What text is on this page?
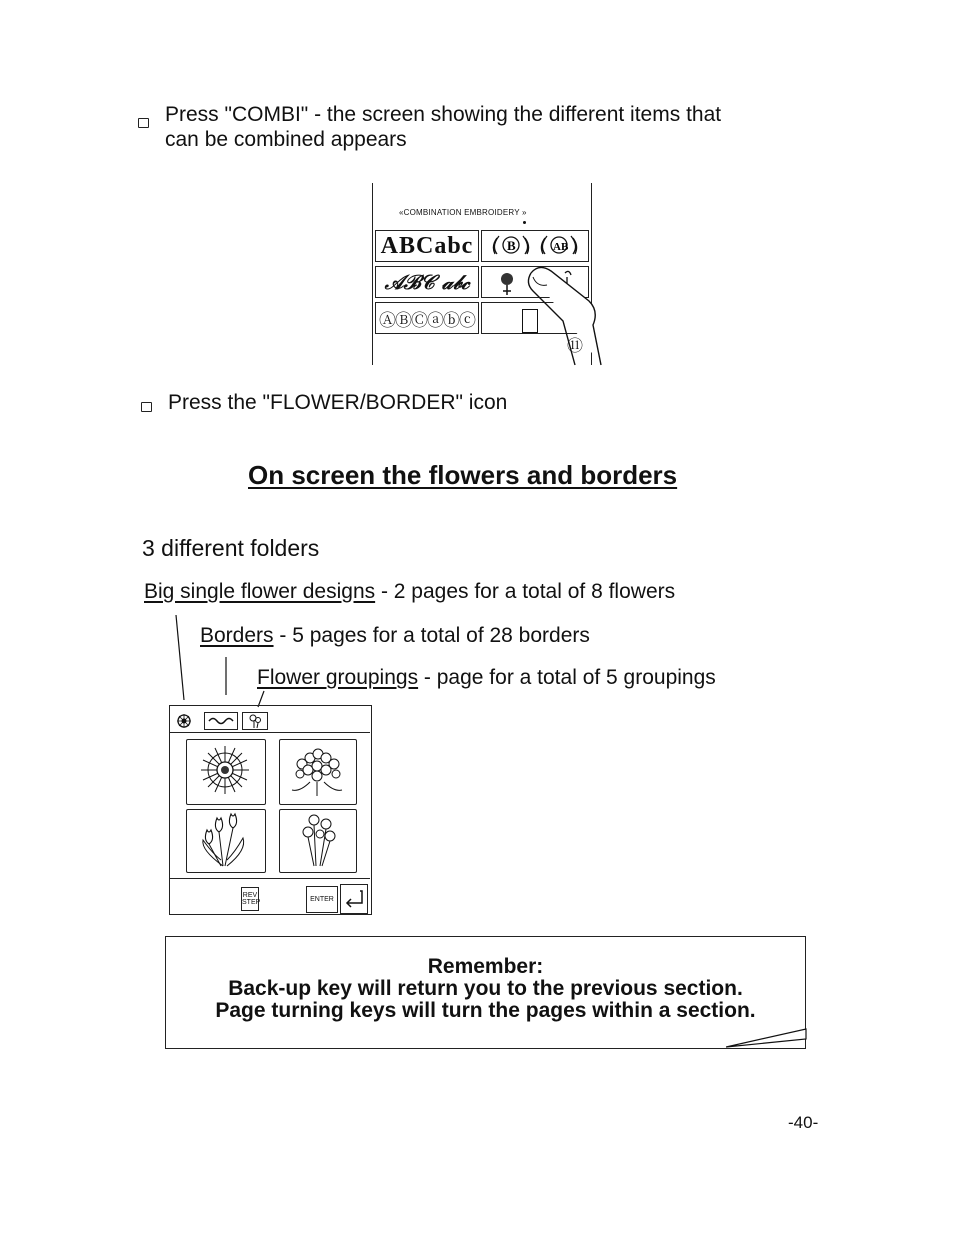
Press "COMBI" - the screen showing the different items that
can be combined appears
«COMBINATION EMBROIDERY »
ABCabc	B	AB
𝒜ℬ𝒞 𝒶𝒷𝒸
ⒶⒷⒸⓐⓑⓒ
⑪
Press the "FLOWER/BORDER" icon
On screen the flowers and borders
3 different folders
Big single flower designs - 2 pages for a total of 8 flowers
Borders - 5 pages for a total of 28 borders
Flower groupings - page for a total of 5 groupings
REV
STEP	ENTER
Remember:
Back-up key will return you to the previous section.
Page turning keys will turn the pages within a section.
-40-
